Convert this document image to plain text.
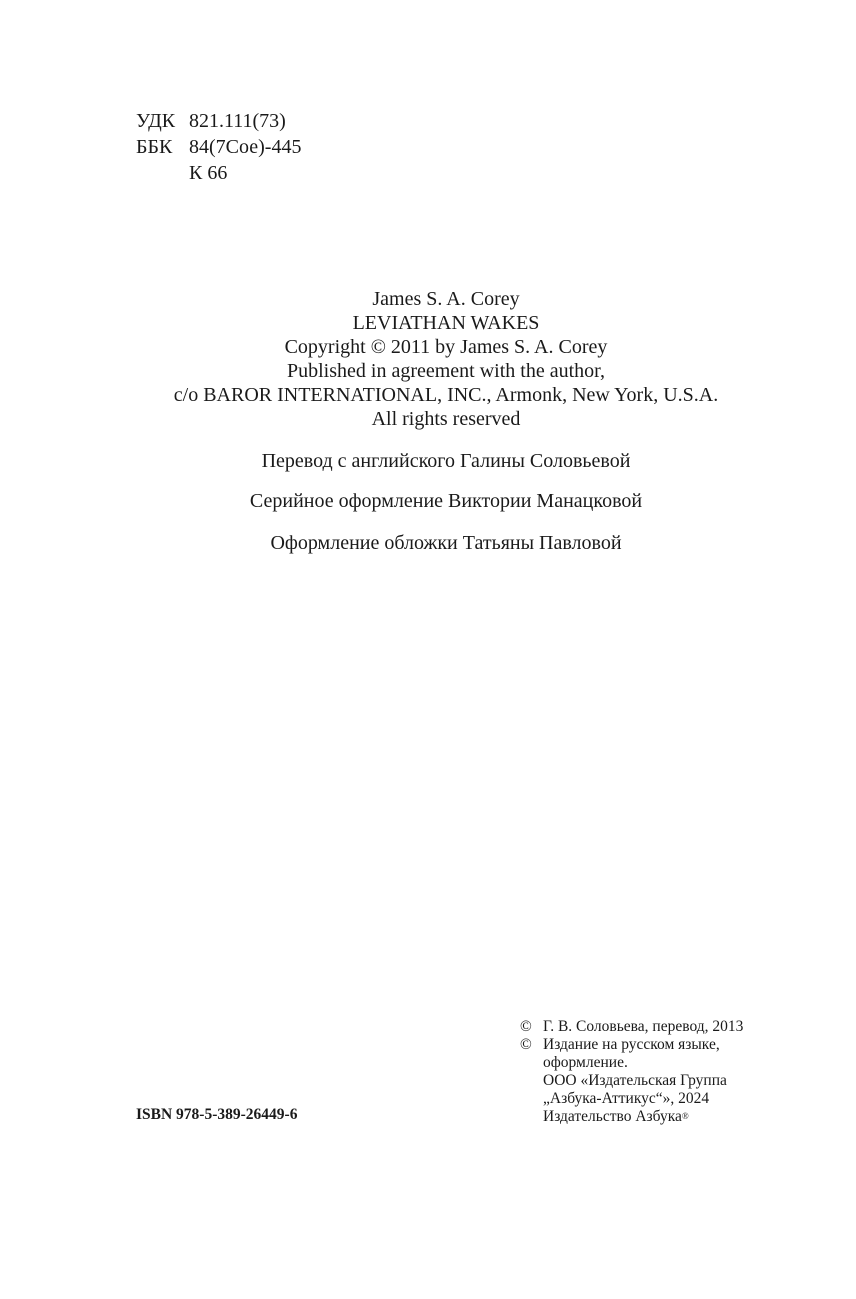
УДК 821.111(73)
ББК 84(7Сое)-445
К 66
James S. A. Corey
LEVIATHAN WAKES
Copyright © 2011 by James S. A. Corey
Published in agreement with the author,
c/o BAROR INTERNATIONAL, INC., Armonk, New York, U.S.A.
All rights reserved
Перевод с английского Галины Соловьевой
Серийное оформление Виктории Манацковой
Оформление обложки Татьяны Павловой
ISBN 978-5-389-26449-6
© Г. В. Соловьева, перевод, 2013
© Издание на русском языке,
оформление.
ООО «Издательская Группа
„Азбука-Аттикус“», 2024
Издательство Азбука®
